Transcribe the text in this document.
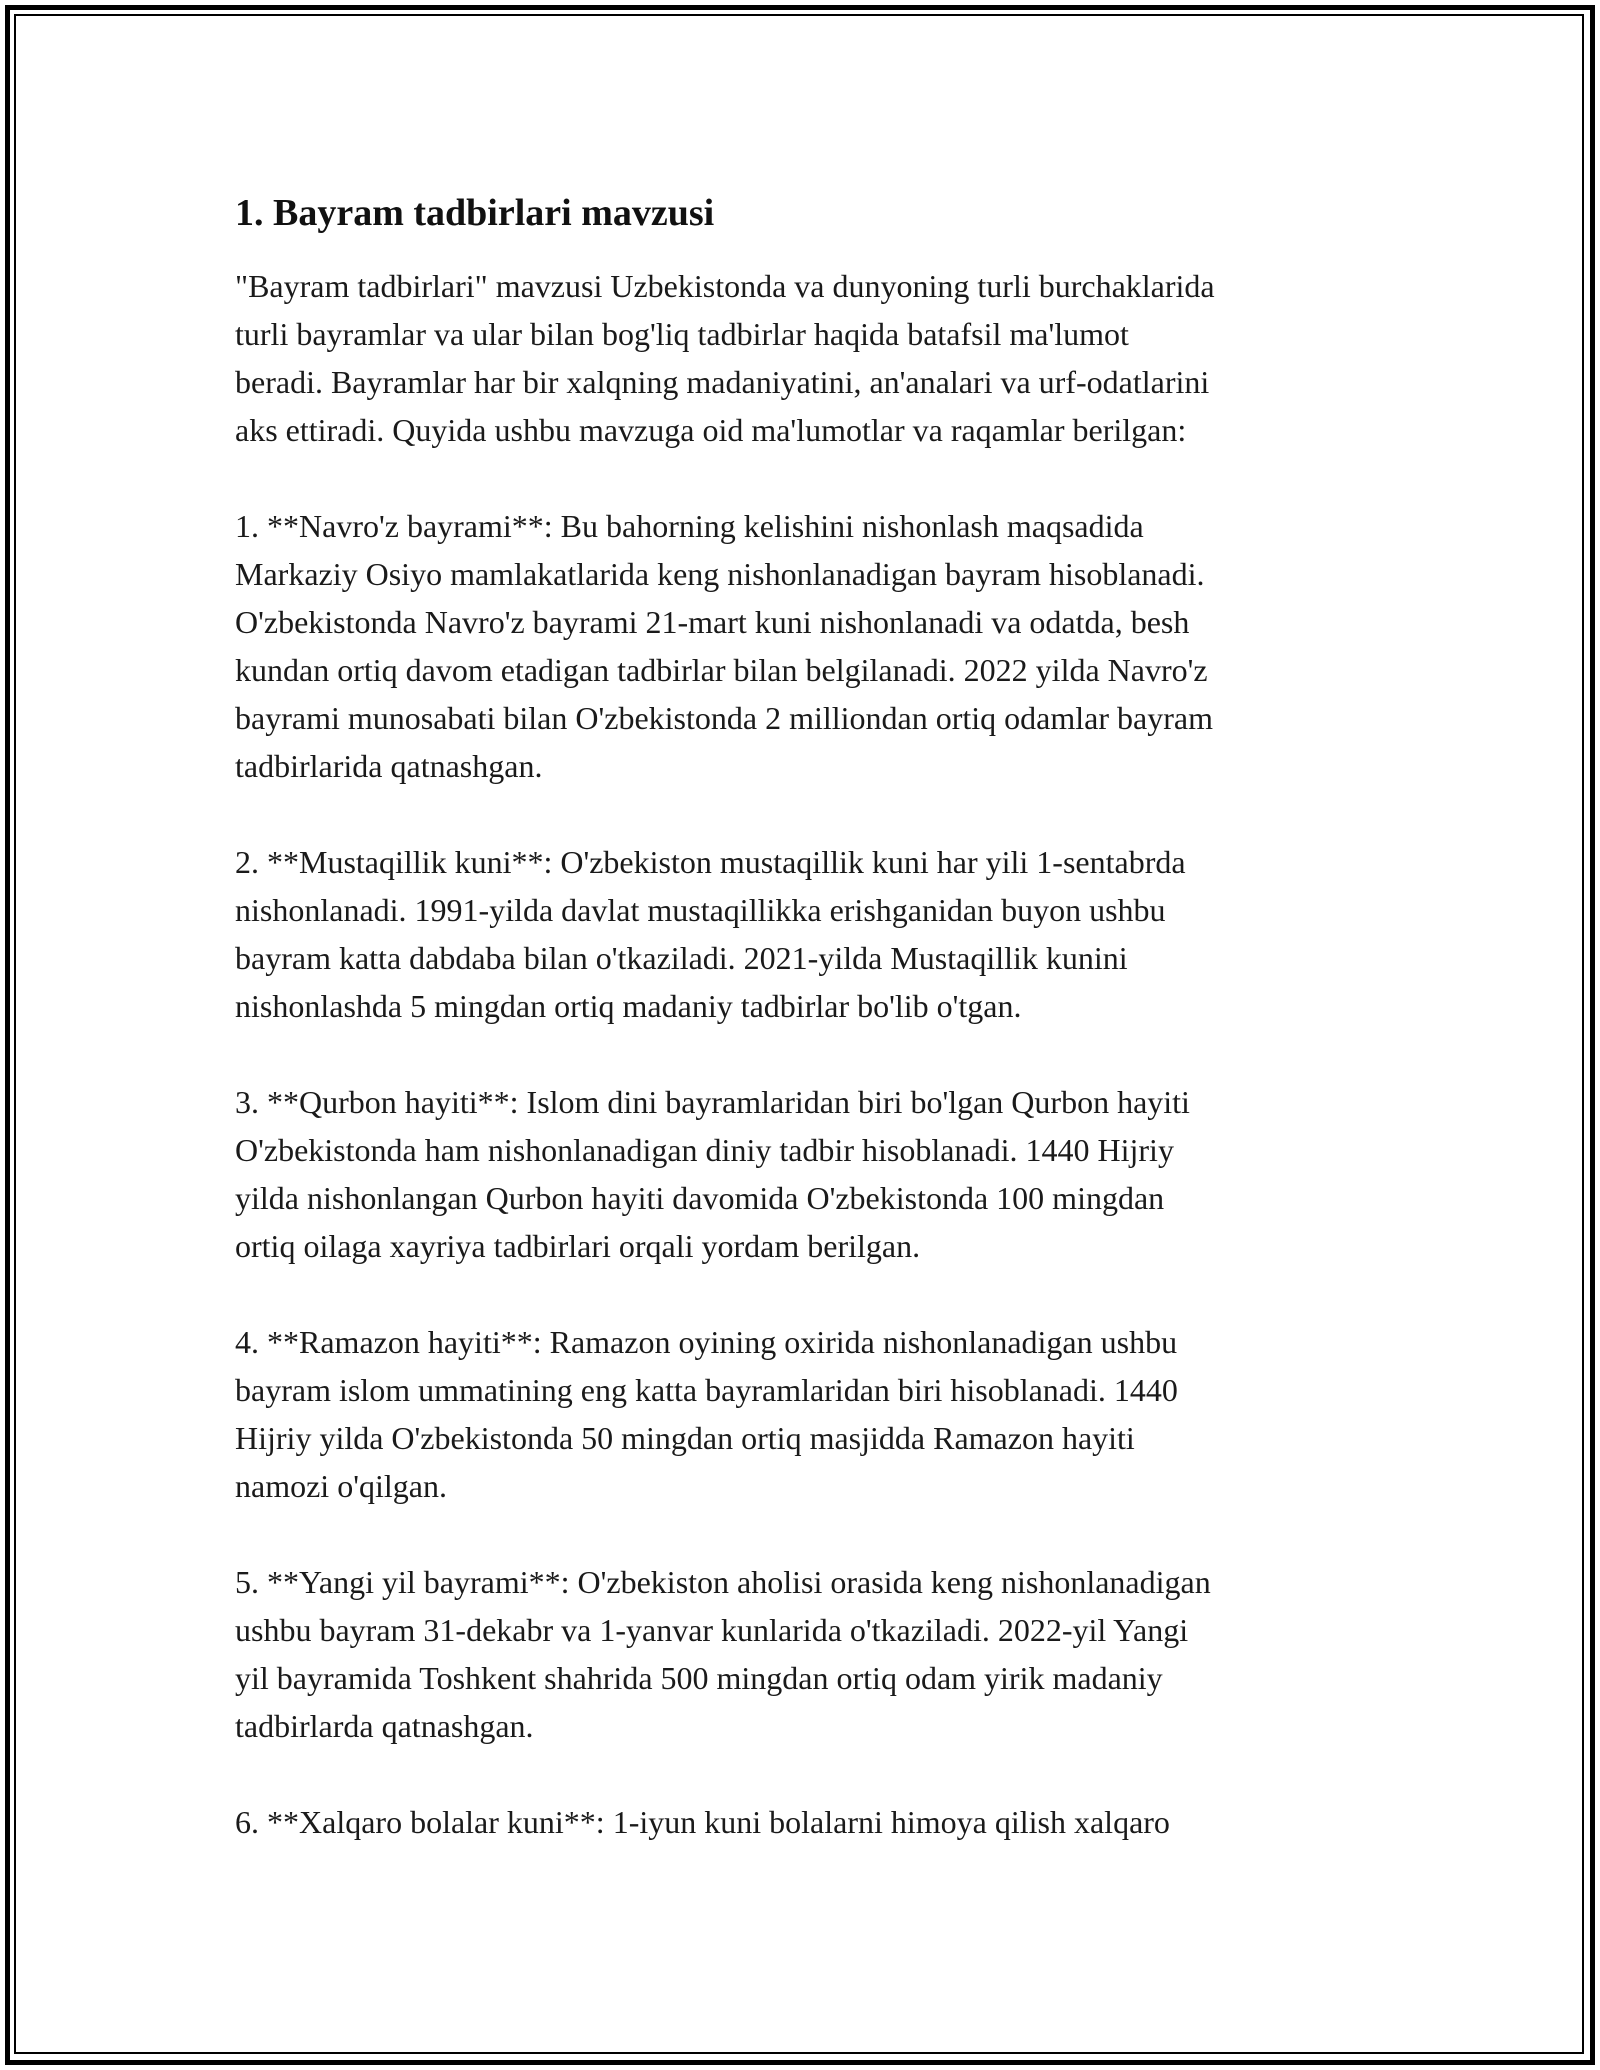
1. Bayram tadbirlari mavzusi

"Bayram tadbirlari" mavzusi Uzbekistonda va dunyoning turli burchaklarida
turli bayramlar va ular bilan bog'liq tadbirlar haqida batafsil ma'lumot
beradi. Bayramlar har bir xalqning madaniyatini, an'analari va urf-odatlarini
aks ettiradi. Quyida ushbu mavzuga oid ma'lumotlar va raqamlar berilgan:

1. **Navro'z bayrami**: Bu bahorning kelishini nishonlash maqsadida
Markaziy Osiyo mamlakatlarida keng nishonlanadigan bayram hisoblanadi.
O'zbekistonda Navro'z bayrami 21-mart kuni nishonlanadi va odatda, besh
kundan ortiq davom etadigan tadbirlar bilan belgilanadi. 2022 yilda Navro'z
bayrami munosabati bilan O'zbekistonda 2 milliondan ortiq odamlar bayram
tadbirlarida qatnashgan.

2. **Mustaqillik kuni**: O'zbekiston mustaqillik kuni har yili 1-sentabrda
nishonlanadi. 1991-yilda davlat mustaqillikka erishganidan buyon ushbu
bayram katta dabdaba bilan o'tkaziladi. 2021-yilda Mustaqillik kunini
nishonlashda 5 mingdan ortiq madaniy tadbirlar bo'lib o'tgan.

3. **Qurbon hayiti**: Islom dini bayramlaridan biri bo'lgan Qurbon hayiti
O'zbekistonda ham nishonlanadigan diniy tadbir hisoblanadi. 1440 Hijriy
yilda nishonlangan Qurbon hayiti davomida O'zbekistonda 100 mingdan
ortiq oilaga xayriya tadbirlari orqali yordam berilgan.

4. **Ramazon hayiti**: Ramazon oyining oxirida nishonlanadigan ushbu
bayram islom ummatining eng katta bayramlaridan biri hisoblanadi. 1440
Hijriy yilda O'zbekistonda 50 mingdan ortiq masjidda Ramazon hayiti
namozi o'qilgan.

5. **Yangi yil bayrami**: O'zbekiston aholisi orasida keng nishonlanadigan
ushbu bayram 31-dekabr va 1-yanvar kunlarida o'tkaziladi. 2022-yil Yangi
yil bayramida Toshkent shahrida 500 mingdan ortiq odam yirik madaniy
tadbirlarda qatnashgan.

6. **Xalqaro bolalar kuni**: 1-iyun kuni bolalarni himoya qilish xalqaro
